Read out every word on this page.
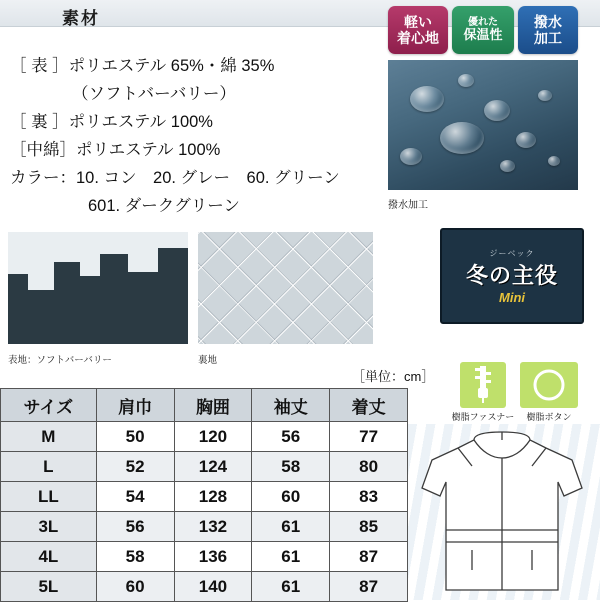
素材
［ 表 ］ポリエステル 65%・綿 35%
（ソフトバーバリー）
［ 裏 ］ポリエステル 100%
［中綿］ポリエステル 100%
カラー：10. コン　20. グレー　60. グリーン
601. ダークグリーン
表地：ソフトバーバリー	裏地
［単位：cm］
サイズ	肩巾	胸囲	袖丈	着丈
M	50	120	56	77
L	52	124	58	80
LL	54	128	60	83
3L	56	132	61	85
4L	58	136	61	87
5L	60	140	61	87
軽い
着心地
優れた
保温性
撥水
加工
撥水加工
ジーベック
冬の主役
Mini
樹脂ファスナー	樹脂ボタン
